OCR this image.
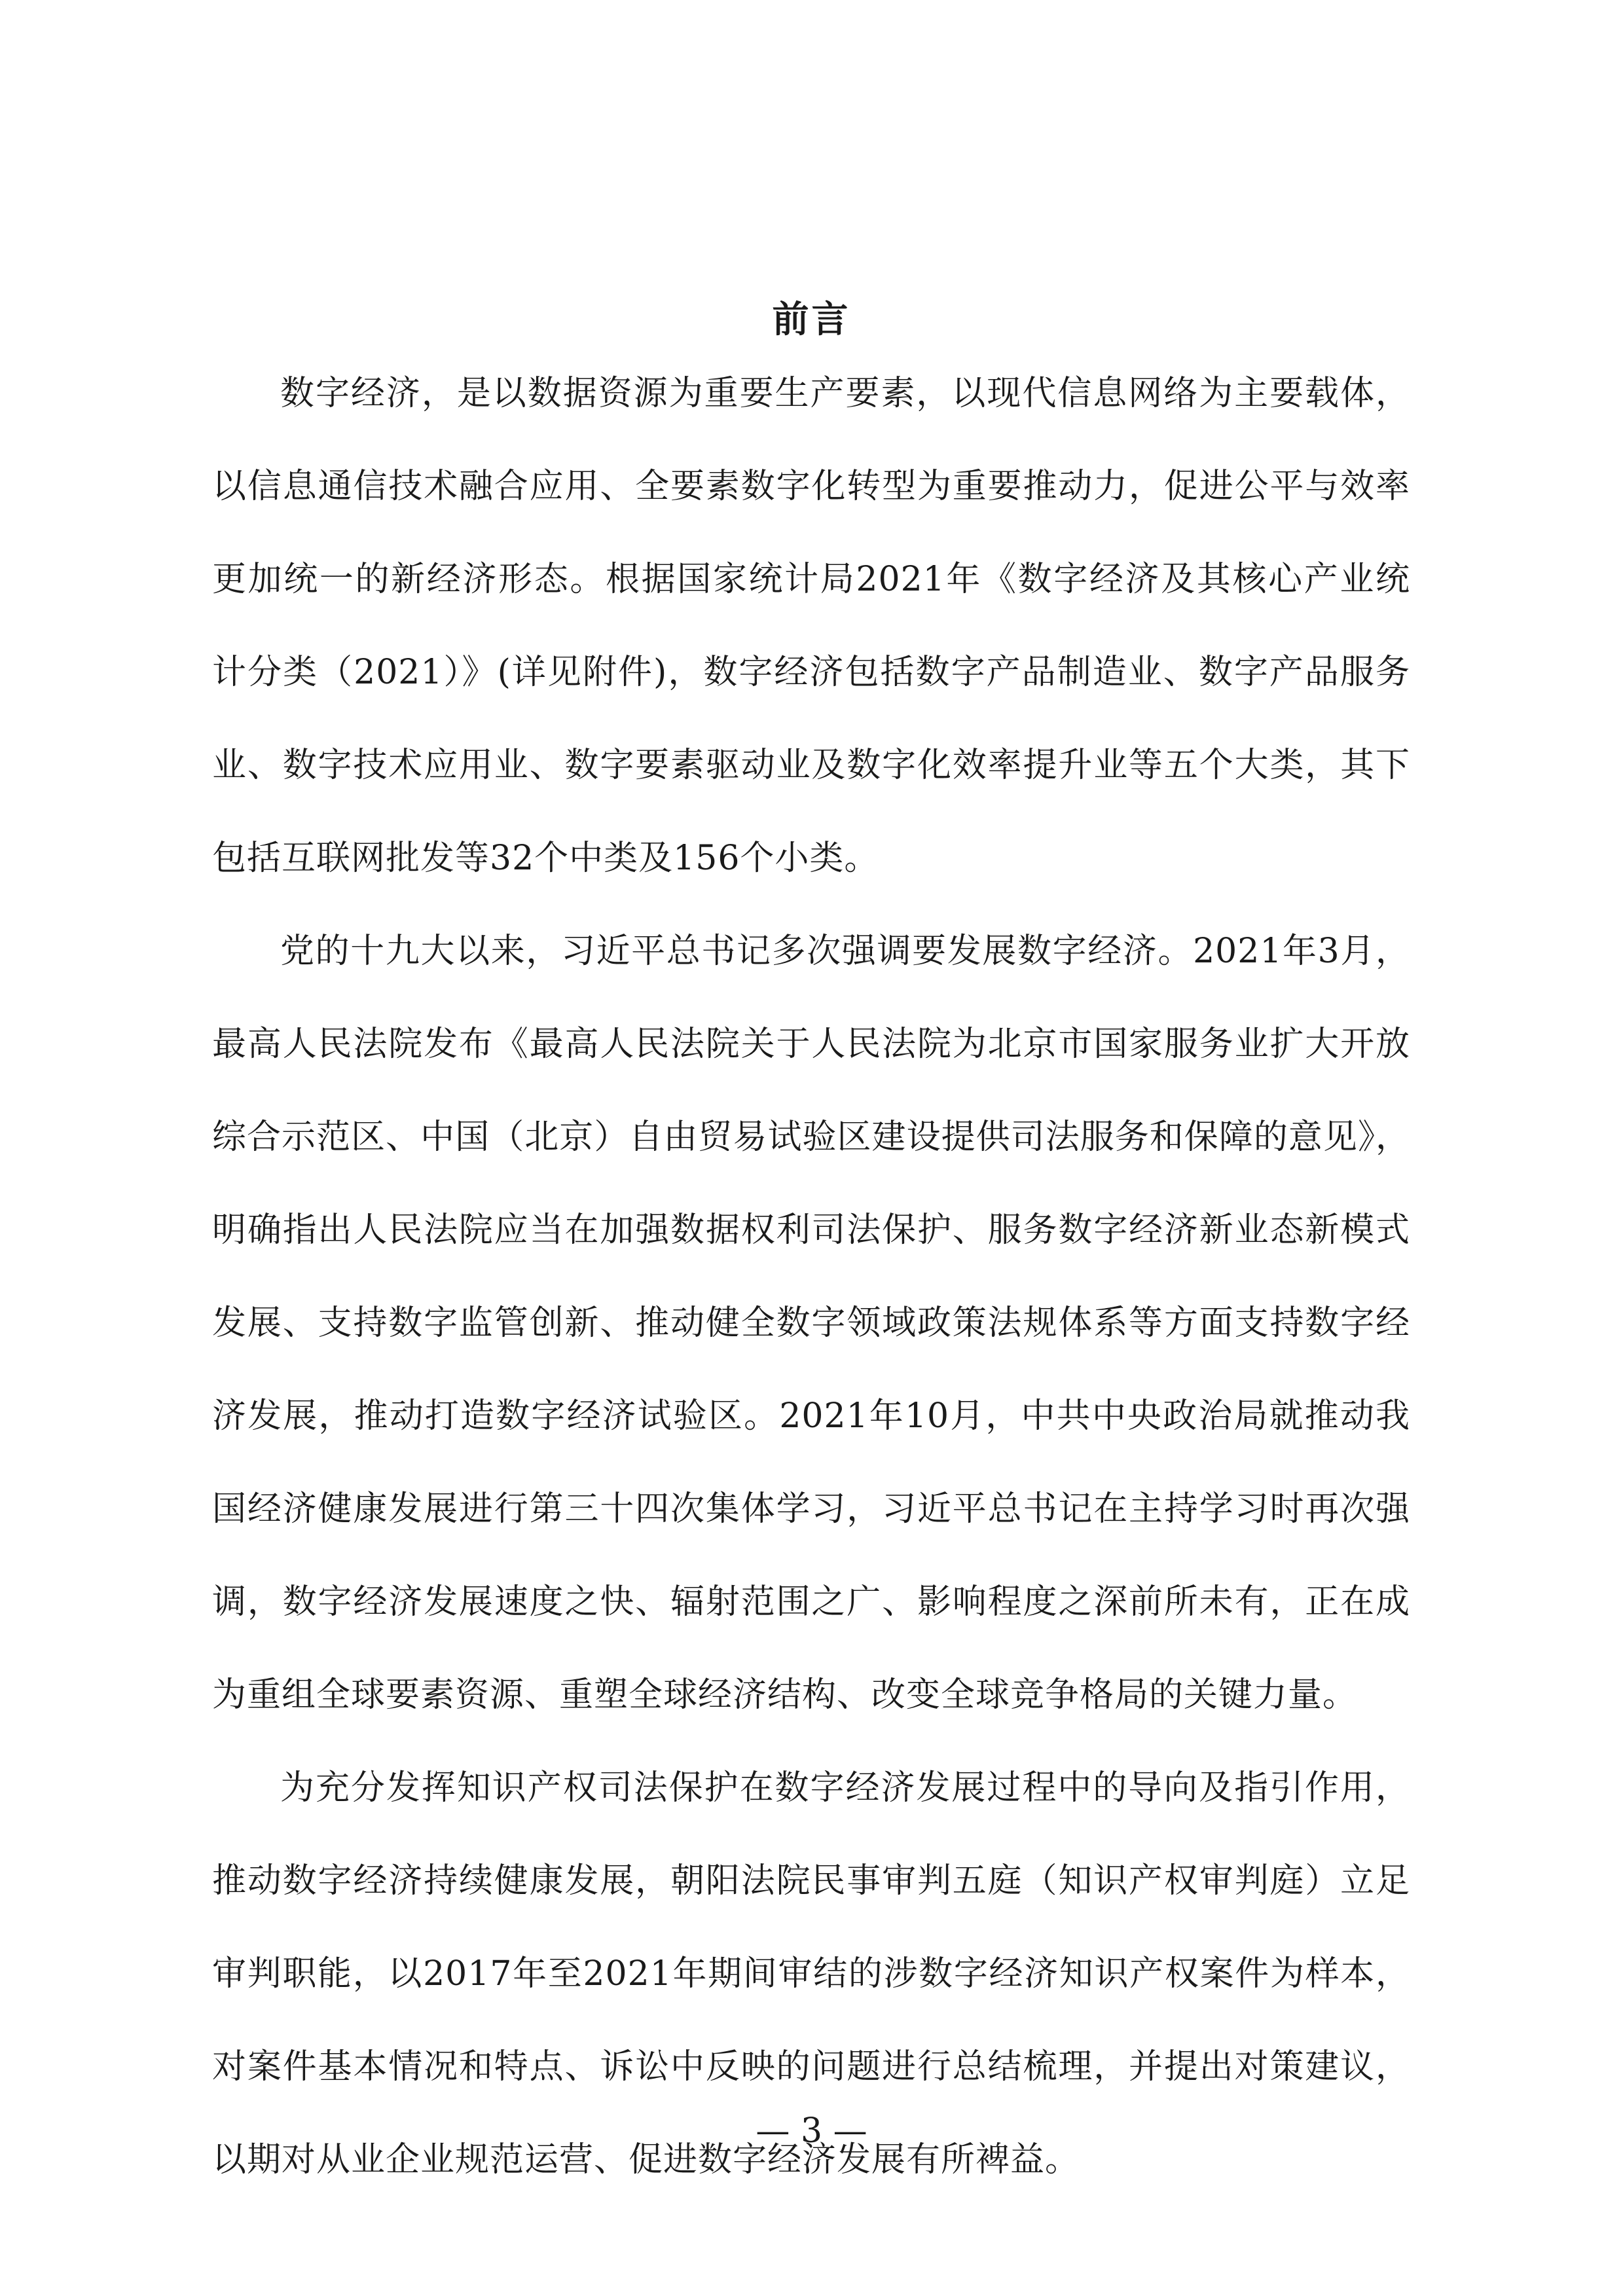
前言

数字经济，是以数据资源为重要生产要素，以现代信息网络为主要载体，以信息通信技术融合应用、全要素数字化转型为重要推动力，促进公平与效率更加统一的新经济形态。根据国家统计局2021年《数字经济及其核心产业统计分类（2021）》(详见附件)，数字经济包括数字产品制造业、数字产品服务业、数字技术应用业、数字要素驱动业及数字化效率提升业等五个大类，其下包括互联网批发等32个中类及156个小类。

党的十九大以来，习近平总书记多次强调要发展数字经济。2021年3月，最高人民法院发布《最高人民法院关于人民法院为北京市国家服务业扩大开放综合示范区、中国（北京）自由贸易试验区建设提供司法服务和保障的意见》，明确指出人民法院应当在加强数据权利司法保护、服务数字经济新业态新模式发展、支持数字监管创新、推动健全数字领域政策法规体系等方面支持数字经济发展，推动打造数字经济试验区。2021年10月，中共中央政治局就推动我国经济健康发展进行第三十四次集体学习，习近平总书记在主持学习时再次强调，数字经济发展速度之快、辐射范围之广、影响程度之深前所未有，正在成为重组全球要素资源、重塑全球经济结构、改变全球竞争格局的关键力量。

为充分发挥知识产权司法保护在数字经济发展过程中的导向及指引作用，推动数字经济持续健康发展，朝阳法院民事审判五庭（知识产权审判庭）立足审判职能，以2017年至2021年期间审结的涉数字经济知识产权案件为样本，对案件基本情况和特点、诉讼中反映的问题进行总结梳理，并提出对策建议，以期对从业企业规范运营、促进数字经济发展有所裨益。

— 3 —
